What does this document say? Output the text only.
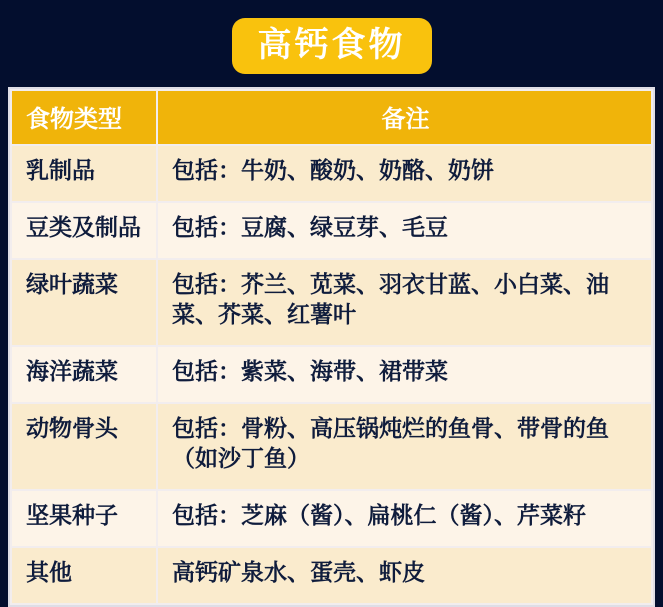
高钙食物
食物类型	备注
乳制品	包括：牛奶、酸奶、奶酪、奶饼
豆类及制品	包括：豆腐、绿豆芽、毛豆
绿叶蔬菜	包括：芥兰、苋菜、羽衣甘蓝、小白菜、油菜、芥菜、红薯叶
海洋蔬菜	包括：紫菜、海带、裙带菜
动物骨头	包括：骨粉、高压锅炖烂的鱼骨、带骨的鱼（如沙丁鱼）
坚果种子	包括：芝麻（酱）、扁桃仁（酱）、芹菜籽
其他	高钙矿泉水、蛋壳、虾皮
